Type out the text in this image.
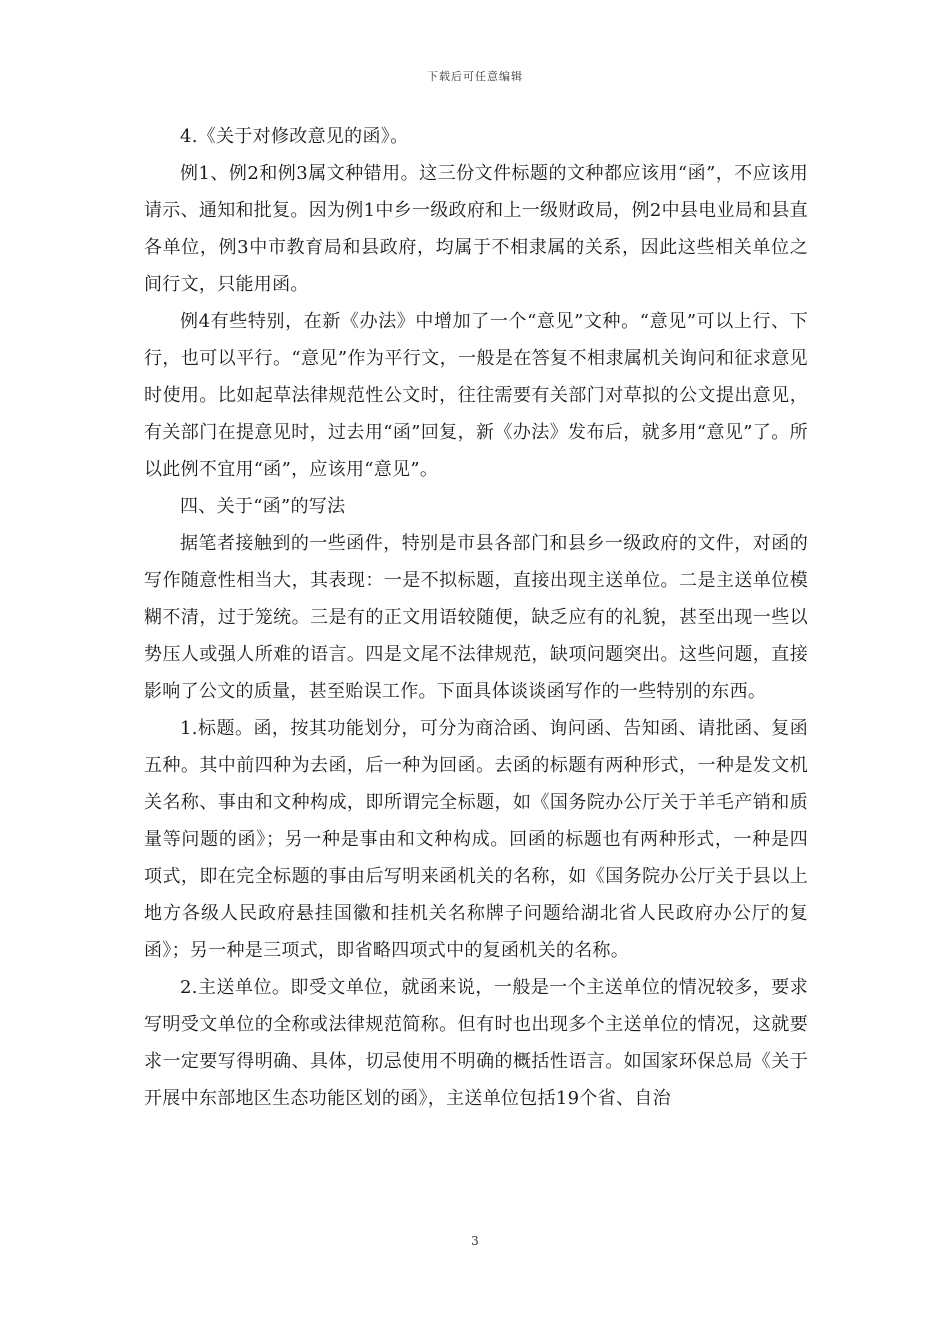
下载后可任意编辑

4.《关于对修改意见的函》。

例1、例2和例3属文种错用。这三份文件标题的文种都应该用“函”，不应该用请示、通知和批复。因为例1中乡一级政府和上一级财政局，例2中县电业局和县直各单位，例3中市教育局和县政府，均属于不相隶属的关系，因此这些相关单位之间行文，只能用函。

例4有些特别，在新《办法》中增加了一个“意见”文种。“意见”可以上行、下行，也可以平行。“意见”作为平行文，一般是在答复不相隶属机关询问和征求意见时使用。比如起草法律规范性公文时，往往需要有关部门对草拟的公文提出意见，有关部门在提意见时，过去用“函”回复，新《办法》发布后，就多用“意见”了。所以此例不宜用“函”，应该用“意见”。

四、关于“函”的写法

据笔者接触到的一些函件，特别是市县各部门和县乡一级政府的文件，对函的写作随意性相当大，其表现：一是不拟标题，直接出现主送单位。二是主送单位模糊不清，过于笼统。三是有的正文用语较随便，缺乏应有的礼貌，甚至出现一些以势压人或强人所难的语言。四是文尾不法律规范，缺项问题突出。这些问题，直接影响了公文的质量，甚至贻误工作。下面具体谈谈函写作的一些特别的东西。

1.标题。函，按其功能划分，可分为商洽函、询问函、告知函、请批函、复函五种。其中前四种为去函，后一种为回函。去函的标题有两种形式，一种是发文机关名称、事由和文种构成，即所谓完全标题，如《国务院办公厅关于羊毛产销和质量等问题的函》；另一种是事由和文种构成。回函的标题也有两种形式，一种是四项式，即在完全标题的事由后写明来函机关的名称，如《国务院办公厅关于县以上地方各级人民政府悬挂国徽和挂机关名称牌子问题给湖北省人民政府办公厅的复函》；另一种是三项式，即省略四项式中的复函机关的名称。

2.主送单位。即受文单位，就函来说，一般是一个主送单位的情况较多，要求写明受文单位的全称或法律规范简称。但有时也出现多个主送单位的情况，这就要求一定要写得明确、具体，切忌使用不明确的概括性语言。如国家环保总局《关于开展中东部地区生态功能区划的函》，主送单位包括19个省、自治

3
